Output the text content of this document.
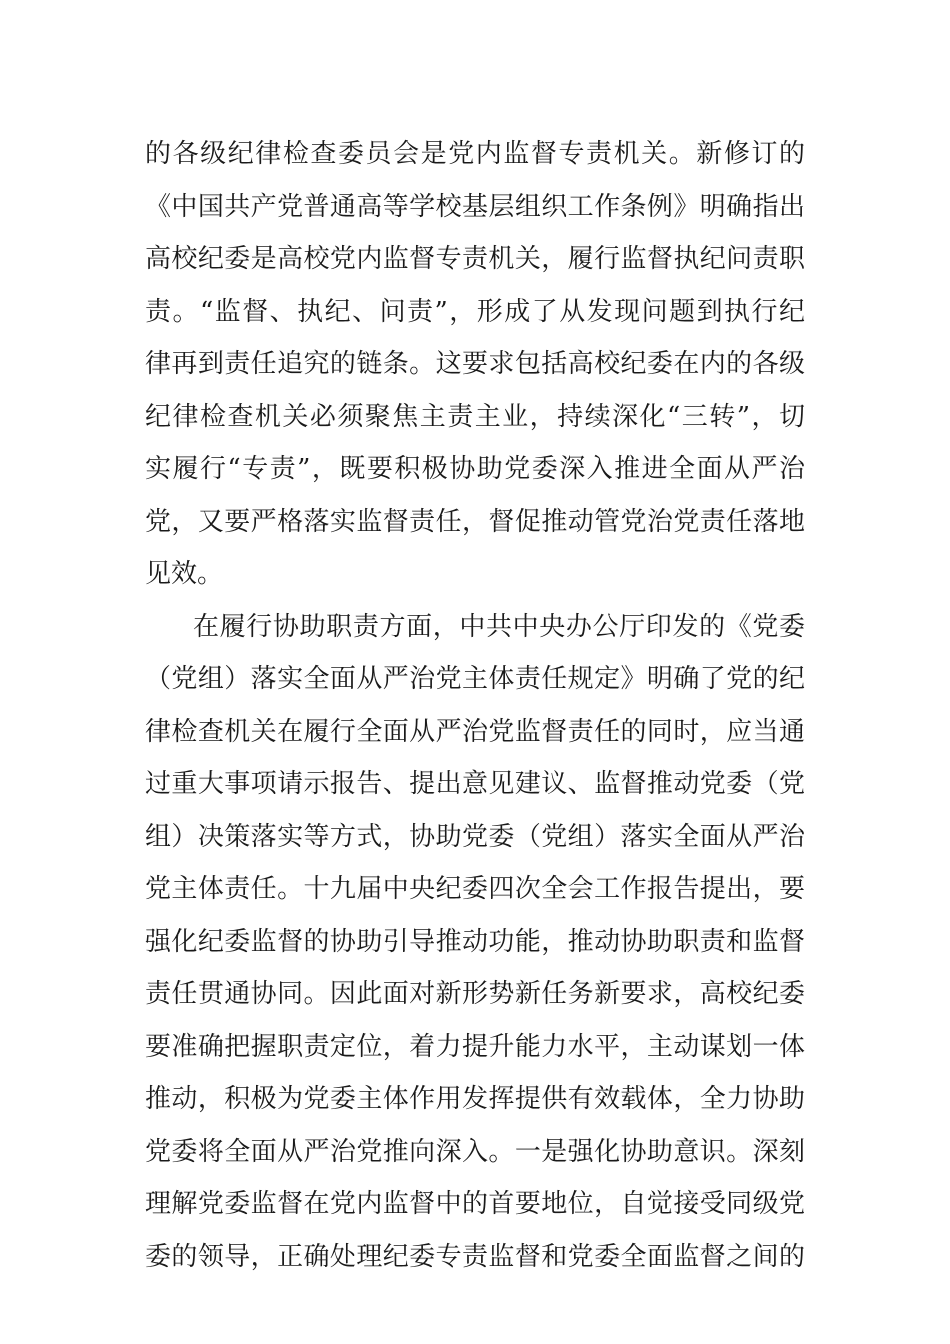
的各级纪律检查委员会是党内监督专责机关。新修订的
《中国共产党普通高等学校基层组织工作条例》明确指出
高校纪委是高校党内监督专责机关，履行监督执纪问责职
责。“监督、执纪、问责”，形成了从发现问题到执行纪
律再到责任追究的链条。这要求包括高校纪委在内的各级
纪律检查机关必须聚焦主责主业，持续深化“三转”，切
实履行“专责”，既要积极协助党委深入推进全面从严治
党，又要严格落实监督责任，督促推动管党治党责任落地
见效。
在履行协助职责方面，中共中央办公厅印发的《党委
（党组）落实全面从严治党主体责任规定》明确了党的纪
律检查机关在履行全面从严治党监督责任的同时，应当通
过重大事项请示报告、提出意见建议、监督推动党委（党
组）决策落实等方式，协助党委（党组）落实全面从严治
党主体责任。十九届中央纪委四次全会工作报告提出，要
强化纪委监督的协助引导推动功能，推动协助职责和监督
责任贯通协同。因此面对新形势新任务新要求，高校纪委
要准确把握职责定位，着力提升能力水平，主动谋划一体
推动，积极为党委主体作用发挥提供有效载体，全力协助
党委将全面从严治党推向深入。一是强化协助意识。深刻
理解党委监督在党内监督中的首要地位，自觉接受同级党
委的领导，正确处理纪委专责监督和党委全面监督之间的
